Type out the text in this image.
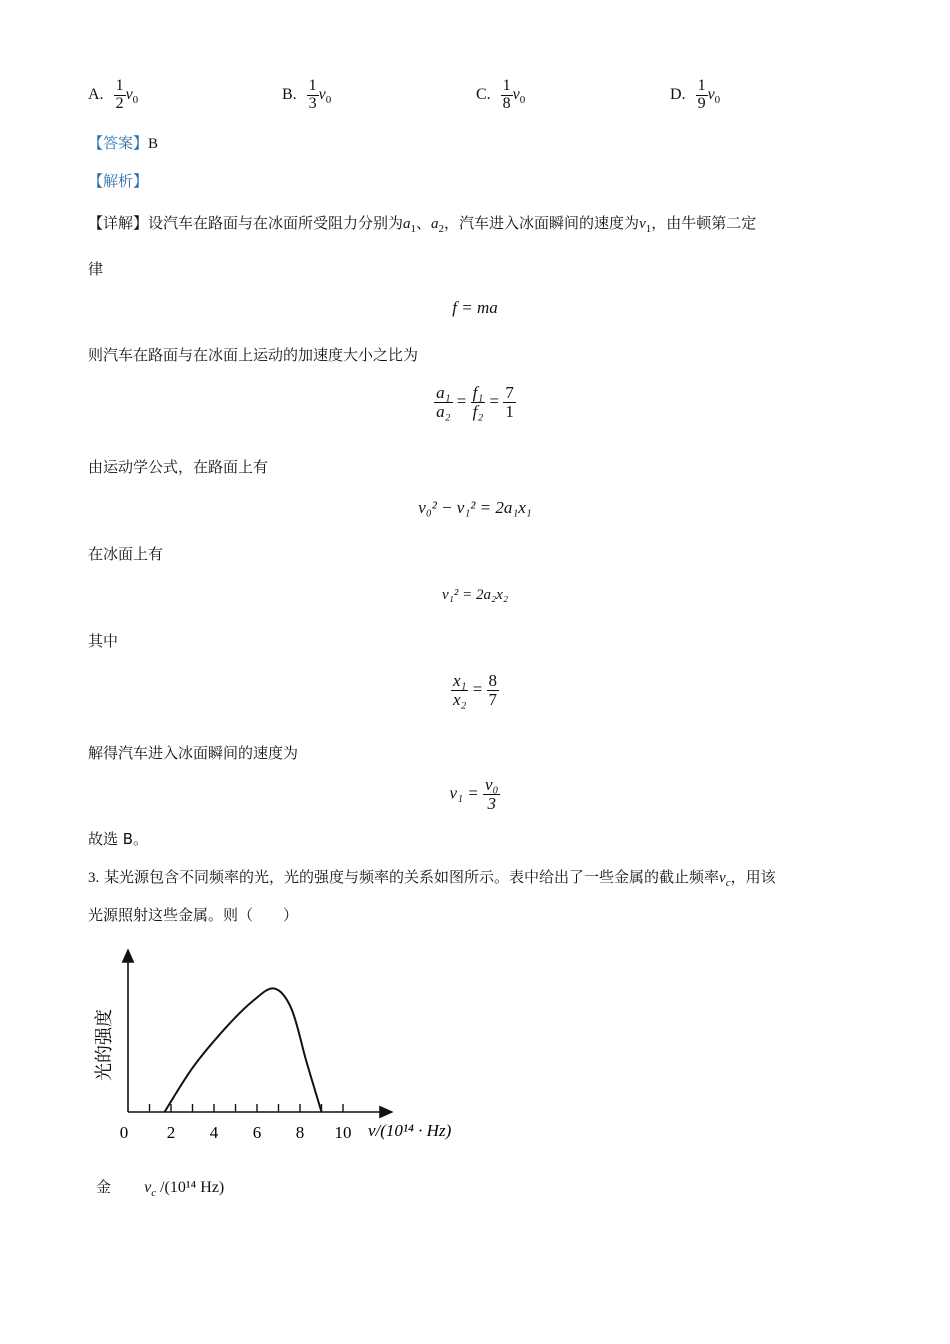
A. $\frac{1}{2} v_0$	B. $\frac{1}{3} v_0$	C. $\frac{1}{8} v_0$	D. $\frac{1}{9} v_0$
【答案】B
【解析】
【详解】设汽车在路面与在冰面所受阻力分别为$a_1$、$a_2$，汽车进入冰面瞬间的速度为$v_1$，由牛顿第二定
律
f = ma
则汽车在路面与在冰面上运动的加速度大小之比为
$\frac{\text{a₁}}{\text{a₂}} = \frac{\text{f₁}}{\text{f₂}} = \frac{7}{1}$
由运动学公式，在路面上有
v₀² − v₁² = 2a₁x₁
在冰面上有
v₁² = 2a₂x₂
其中
$\frac{\text{x₁}}{\text{x₂}} = \frac{8}{7}$
解得汽车进入冰面瞬间的速度为
$v_1 = \frac{\text{v₀}}{3}$
故选 B。
3. 某光源包含不同频率的光，光的强度与频率的关系如图所示。表中给出了一些金属的截止频率$\nu_c$，用该
光源照射这些金属。则（　　）
0 2 4 6 8 10
光的强度
ν/(10¹⁴ · Hz)
金 $\nu_c$ /(10¹⁴ Hz)
